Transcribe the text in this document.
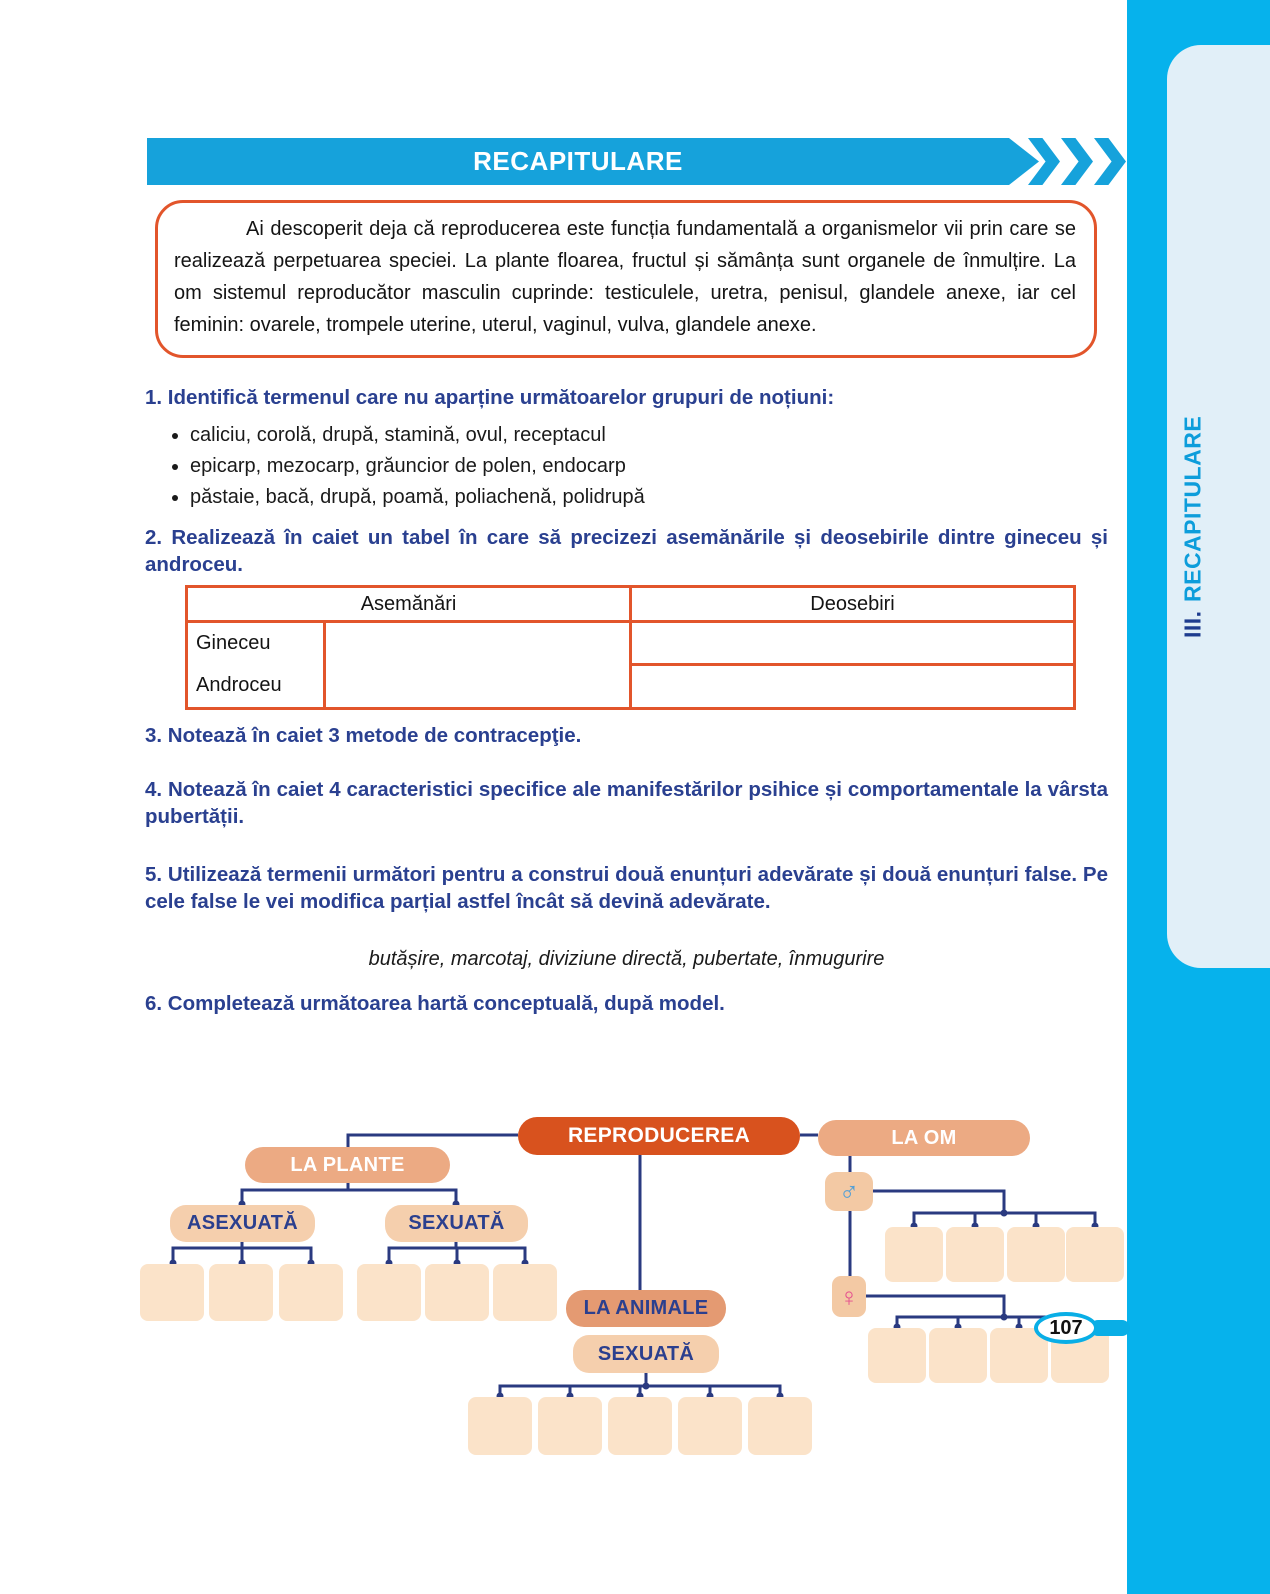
III.
RECAPITULARE
RECAPITULARE

Ai descoperit deja că reproducerea este funcția fundamentală a organismelor vii prin care se realizează perpetuarea speciei. La plante floarea, fructul și sămânța sunt organele de înmulțire. La om sistemul reproducător masculin cuprinde: testiculele, uretra, penisul, glandele anexe, iar cel feminin: ovarele, trompele uterine, uterul, vaginul, vulva, glandele anexe.

1. Identifică termenul care nu aparține următoarelor grupuri de noțiuni:
• caliciu, corolă, drupă, stamină, ovul, receptacul
• epicarp, mezocarp, grăuncior de polen, endocarp
• păstaie, bacă, drupă, poamă, poliachenă, polidrupă
2. Realizează în caiet un tabel în care să precizezi asemănările și deosebirile dintre gineceu și androceu.
Asemănări		Deosebiri
Gineceu		
Androceu		
3. Notează în caiet 3 metode de contracepţie.
4. Notează în caiet 4 caracteristici specifice ale manifestărilor psihice și comportamentale la vârsta pubertății.
5. Utilizează termenii următori pentru a construi două enunțuri adevărate și două enunțuri false. Pe cele false le vei modifica parțial astfel încât să devină adevărate.
butășire, marcotaj, diviziune directă, pubertate, înmugurire
6. Completează următoarea hartă conceptuală, după model.
REPRODUCEREA	LA OM
LA PLANTE
ASEXUATĂ	SEXUATĂ
LA ANIMALE
SEXUATĂ
♂
♀
107
